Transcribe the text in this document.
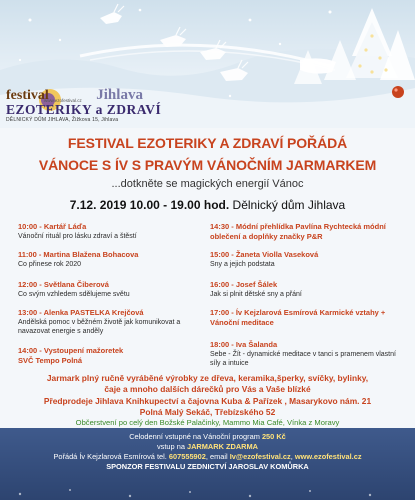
festival	Jihlava
EZOTERIKY a ZDRAVÍ
DĚLNICKÝ DŮM JIHLAVA, Žižkova 15, Jihlava
www.ezofestival.cz
FESTIVAL EZOTERIKY A ZDRAVÍ POŘÁDÁ
VÁNOCE S ÍV S PRAVÝM VÁNOČNÍM JARMARKEM
...dotkněte se magických energií Vánoc
7.12. 2019 10.00 - 19.00 hod. Dělnický dům Jihlava
10:00 - Kartář Láďa
Vánoční rituál pro lásku zdraví a štěstí
11:00 - Martina Blažena Bohacova
Co přinese rok 2020
12:00 - Světlana Čiberová
Co svým vzhledem sdělujeme světu
13:00 - Alenka PASTELKA Krejčová
Andělská pomoc v běžném životě jak komunikovat a navazovat energie s anděly
14:00 - Vystoupení mažoretek
SVČ Tempo Polná
14:30 - Módní přehlídka Pavlína Rychtecká módní oblečení a doplňky značky P&R
15:00 - Žaneta Violla Vaseková
Sny a jejich podstata
16:00 - Josef Šálek
Jak si plnit dětské sny a přání
17:00 - Ív Kejzlarová Esmírová Karmické vztahy + Vánoční meditace
18:00 - Iva Šalanda
Sebe - Žít - dynamické meditace v tanci s pramenem vlastní síly a intuice
Jarmark plný ručně vyráběné výrobky ze dřeva, keramika,šperky, svíčky, bylinky,
čaje a mnoho dalších dárečků pro Vás a Vaše blízké
Předprodeje Jihlava Knihkupectví a čajovna Kuba & Pařízek , Masarykovo nám. 21
Polná Malý Sekáč, Třebízského 52
Občerstvení po celý den Božské Palačinky, Mammo Mia Café, Vínka z Moravy
Celodenní vstupné na Vánoční program 250 Kč
vstup na JARMARK ZDARMA
Pořádá Ív Kejzlarová Esmírová tel. 607555902, email Iv@ezofestival.cz, www.ezofestival.cz
SPONZOR FESTIVALU ZEDNICTVÍ JAROSLAV KOMŮRKA
